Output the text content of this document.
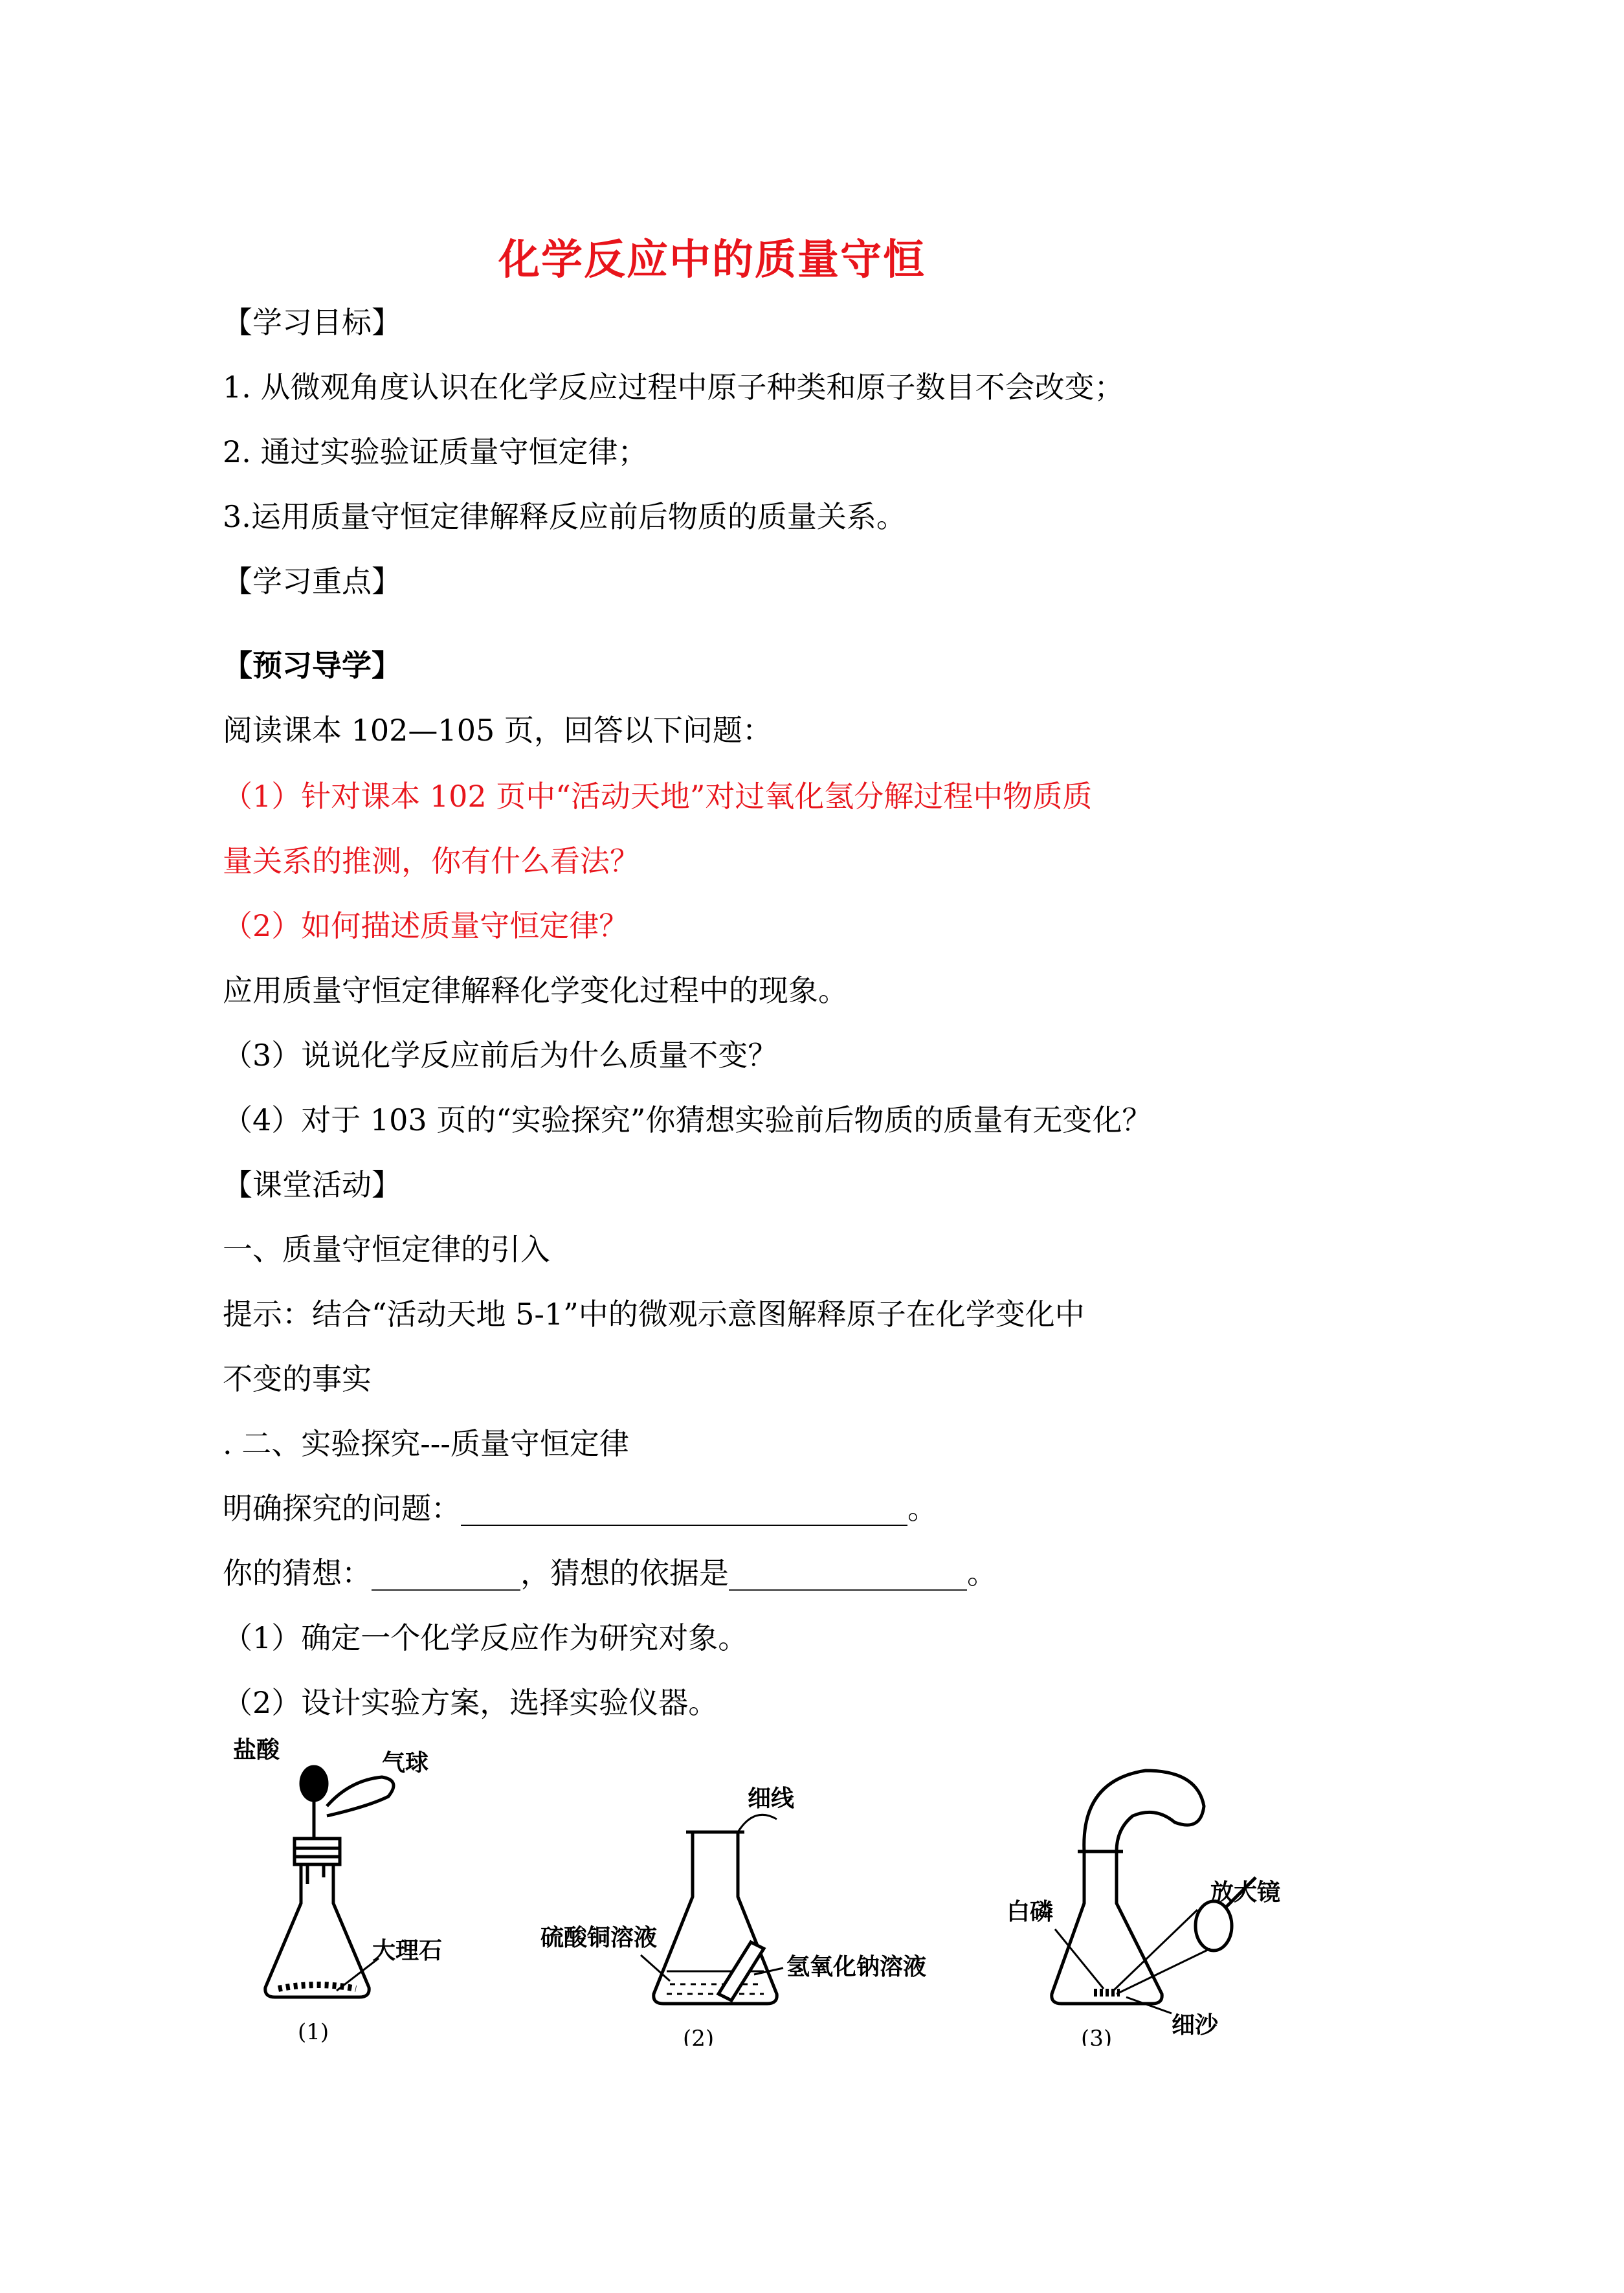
化学反应中的质量守恒
【学习目标】
1. 从微观角度认识在化学反应过程中原子种类和原子数目不会改变；
2. 通过实验验证质量守恒定律；
3.运用质量守恒定律解释反应前后物质的质量关系。
【学习重点】
【预习导学】
阅读课本 102—105 页，回答以下问题：
（1）针对课本 102 页中“活动天地”对过氧化氢分解过程中物质质
量关系的推测，你有什么看法？
（2）如何描述质量守恒定律？
应用质量守恒定律解释化学变化过程中的现象。
（3）说说化学反应前后为什么质量不变？
（4）对于 103 页的“实验探究”你猜想实验前后物质的质量有无变化？
【课堂活动】
一、质量守恒定律的引入
提示：结合“活动天地 5-1”中的微观示意图解释原子在化学变化中
不变的事实
. 二、实验探究---质量守恒定律
明确探究的问题：______________________________。
你的猜想：__________，猜想的依据是________________。
（1）确定一个化学反应作为研究对象。
（2）设计实验方案，选择实验仪器。
盐酸	气球
大理石
(1)
细线
硫酸铜溶液
氢氧化钠溶液
(2)
白磷
放大镜
细沙
(3)
